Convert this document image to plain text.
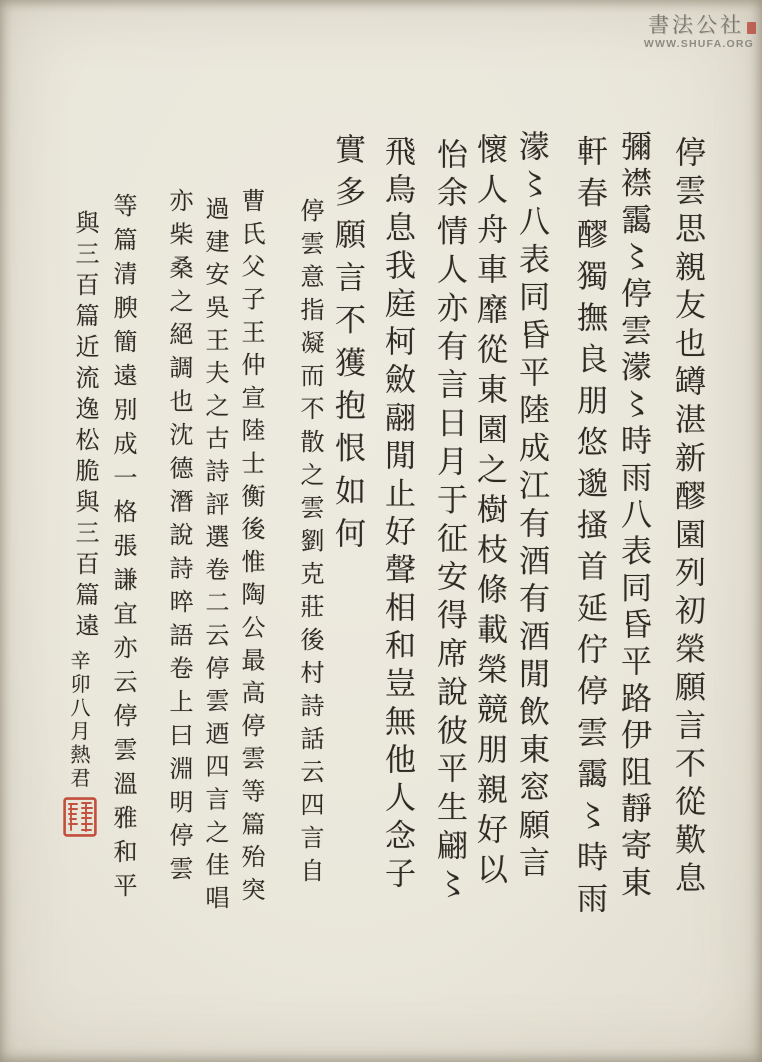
書法公社
WWW.SHUFA.ORG
停雲思親友也罇湛新醪園列初榮願言不從歎息
彌襟靄〻停雲濛〻時雨八表同昏平路伊阻靜寄東
軒春醪獨撫良朋悠邈搔首延佇停雲靄〻時雨
濛〻八表同昏平陸成江有酒有酒閒飲東窓願言
懷人舟車靡從東園之樹枝條載榮競朋親好以
怡余情人亦有言日月于征安得席說彼平生翩〻
飛鳥息我庭柯斂翮閒止好聲相和豈無他人念子
實多願言不獲抱恨如何
停雲意指凝而不散之雲劉克莊後村詩話云四言自
曹氏父子王仲宣陸士衡後惟陶公最高停雲等篇殆突
過建安吳王夫之古詩評選卷二云停雲迺四言之佳唱
亦柴桑之絕調也沈德潛說詩晬語卷上曰淵明停雲
等篇清腴簡遠別成一格張謙宜亦云停雲溫雅和平
與三百篇近流逸松脆與三百篇遠
辛卯八月熱君
